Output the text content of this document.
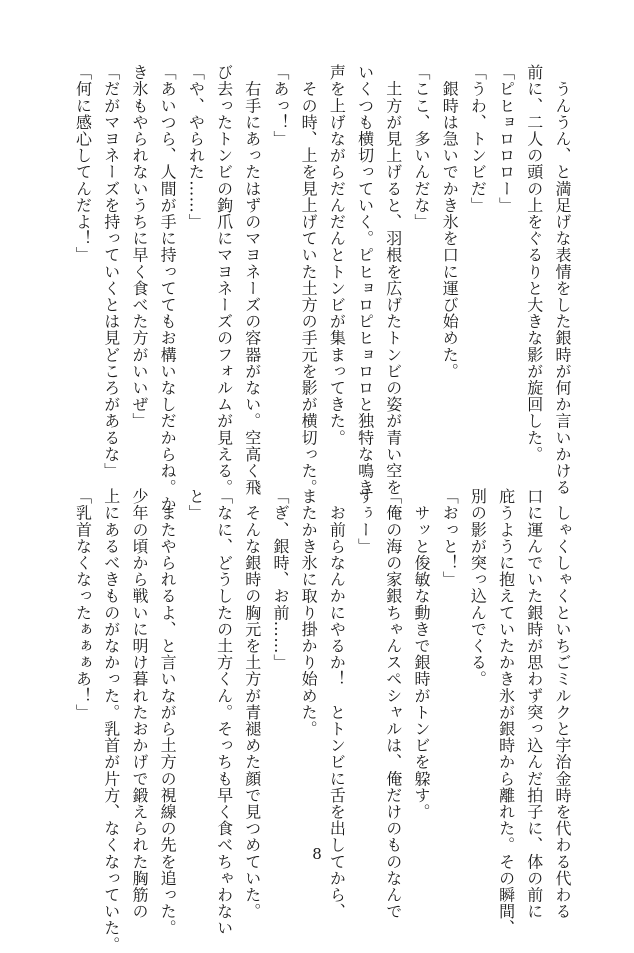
　うんうん、と満足げな表情をした銀時が何か言いかける
前に、二人の頭の上をぐるりと大きな影が旋回した。
「ピヒョロロロー」
「うわ、トンビだ」
　銀時は急いでかき氷を口に運び始めた。
「ここ、多いんだな」
　土方が見上げると、羽根を広げたトンビの姿が青い空を
いくつも横切っていく。ピヒョロピヒョロロと独特な鳴き
声を上げながらだんだんとトンビが集まってきた。
　その時、上を見上げていた土方の手元を影が横切った。
「あっ！」
　右手にあったはずのマヨネーズの容器がない。空高く飛
び去ったトンビの鉤爪にマヨネーズのフォルムが見える。
「や、やられた……」
「あいつら、人間が手に持っててもお構いなしだからね。か
き氷もやられないうちに早く食べた方がいいぜ」
「だがマヨネーズを持っていくとは見どころがあるな」
「何に感心してんだよ！」
　しゃくしゃくといちごミルクと宇治金時を代わる代わる
口に運んでいた銀時が思わず突っ込んだ拍子に、体の前に
庇うように抱えていたかき氷が銀時から離れた。その瞬間、
別の影が突っ込んでくる。
「おっと！」
　サッと俊敏な動きで銀時がトンビを躱す。
「俺の海の家銀ちゃんスペシャルは、俺だけのものなんで
すぅー」
　お前らなんかにやるか！　とトンビに舌を出してから、
またかき氷に取り掛かり始めた。
「ぎ、銀時、お前……」
　そんな銀時の胸元を土方が青褪めた顔で見つめていた。
「なに、どうしたの土方くん。そっちも早く食べちゃわない
と」
　またやられるよ、と言いながら土方の視線の先を追った。
少年の頃から戦いに明け暮れたおかげで鍛えられた胸筋の
上にあるべきものがなかった。乳首が片方、なくなっていた。
「乳首なくなったぁぁぁあ！」
8
